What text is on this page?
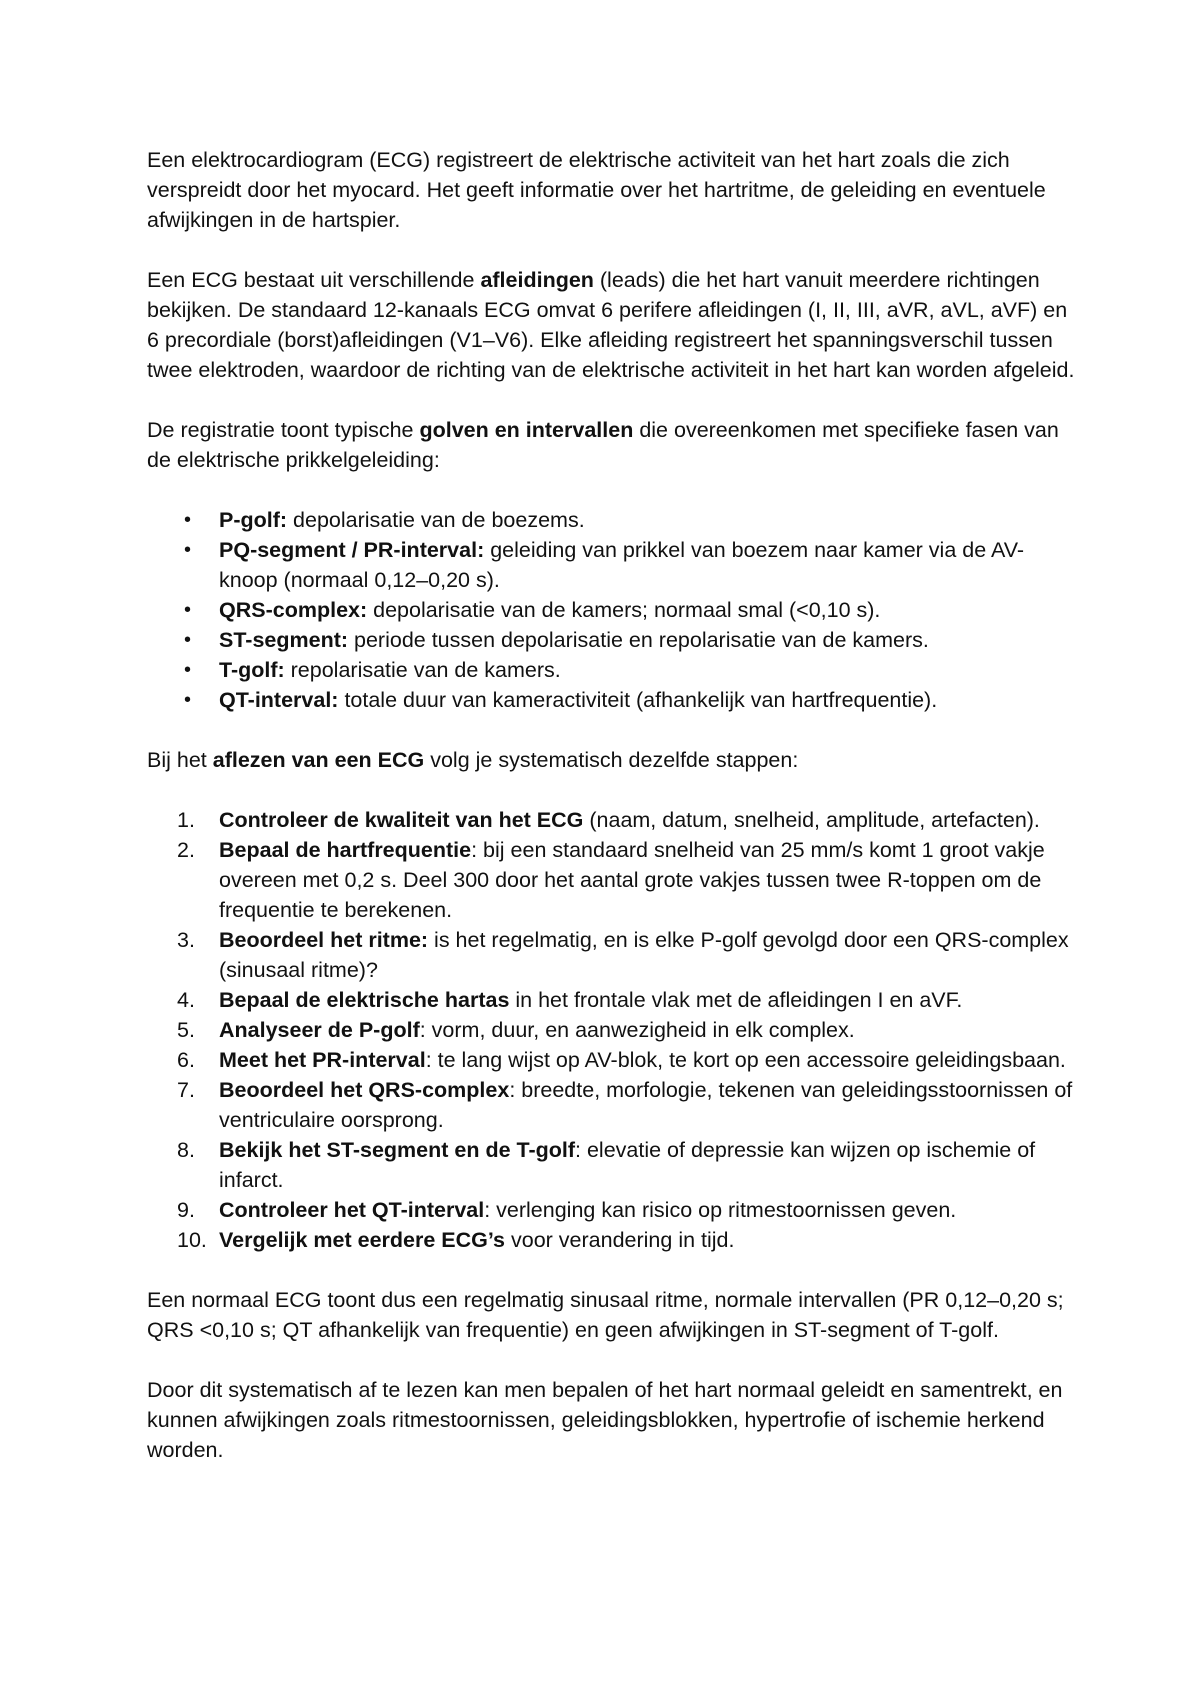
Een elektrocardiogram (ECG) registreert de elektrische activiteit van het hart zoals die zich verspreidt door het myocard. Het geeft informatie over het hartritme, de geleiding en eventuele afwijkingen in de hartspier.

Een ECG bestaat uit verschillende afleidingen (leads) die het hart vanuit meerdere richtingen bekijken. De standaard 12-kanaals ECG omvat 6 perifere afleidingen (I, II, III, aVR, aVL, aVF) en 6 precordiale (borst)afleidingen (V1–V6). Elke afleiding registreert het spanningsverschil tussen twee elektroden, waardoor de richting van de elektrische activiteit in het hart kan worden afgeleid.

De registratie toont typische golven en intervallen die overeenkomen met specifieke fasen van de elektrische prikkelgeleiding:

• P-golf: depolarisatie van de boezems.
• PQ-segment / PR-interval: geleiding van prikkel van boezem naar kamer via de AV-knoop (normaal 0,12–0,20 s).
• QRS-complex: depolarisatie van de kamers; normaal smal (<0,10 s).
• ST-segment: periode tussen depolarisatie en repolarisatie van de kamers.
• T-golf: repolarisatie van de kamers.
• QT-interval: totale duur van kameractiviteit (afhankelijk van hartfrequentie).

Bij het aflezen van een ECG volg je systematisch dezelfde stappen:

1. Controleer de kwaliteit van het ECG (naam, datum, snelheid, amplitude, artefacten).
2. Bepaal de hartfrequentie: bij een standaard snelheid van 25 mm/s komt 1 groot vakje overeen met 0,2 s. Deel 300 door het aantal grote vakjes tussen twee R-toppen om de frequentie te berekenen.
3. Beoordeel het ritme: is het regelmatig, en is elke P-golf gevolgd door een QRS-complex (sinusaal ritme)?
4. Bepaal de elektrische hartas in het frontale vlak met de afleidingen I en aVF.
5. Analyseer de P-golf: vorm, duur, en aanwezigheid in elk complex.
6. Meet het PR-interval: te lang wijst op AV-blok, te kort op een accessoire geleidingsbaan.
7. Beoordeel het QRS-complex: breedte, morfologie, tekenen van geleidingsstoornissen of ventriculaire oorsprong.
8. Bekijk het ST-segment en de T-golf: elevatie of depressie kan wijzen op ischemie of infarct.
9. Controleer het QT-interval: verlenging kan risico op ritmestoornissen geven.
10. Vergelijk met eerdere ECG’s voor verandering in tijd.

Een normaal ECG toont dus een regelmatig sinusaal ritme, normale intervallen (PR 0,12–0,20 s; QRS <0,10 s; QT afhankelijk van frequentie) en geen afwijkingen in ST-segment of T-golf.

Door dit systematisch af te lezen kan men bepalen of het hart normaal geleidt en samentrekt, en kunnen afwijkingen zoals ritmestoornissen, geleidingsblokken, hypertrofie of ischemie herkend worden.
